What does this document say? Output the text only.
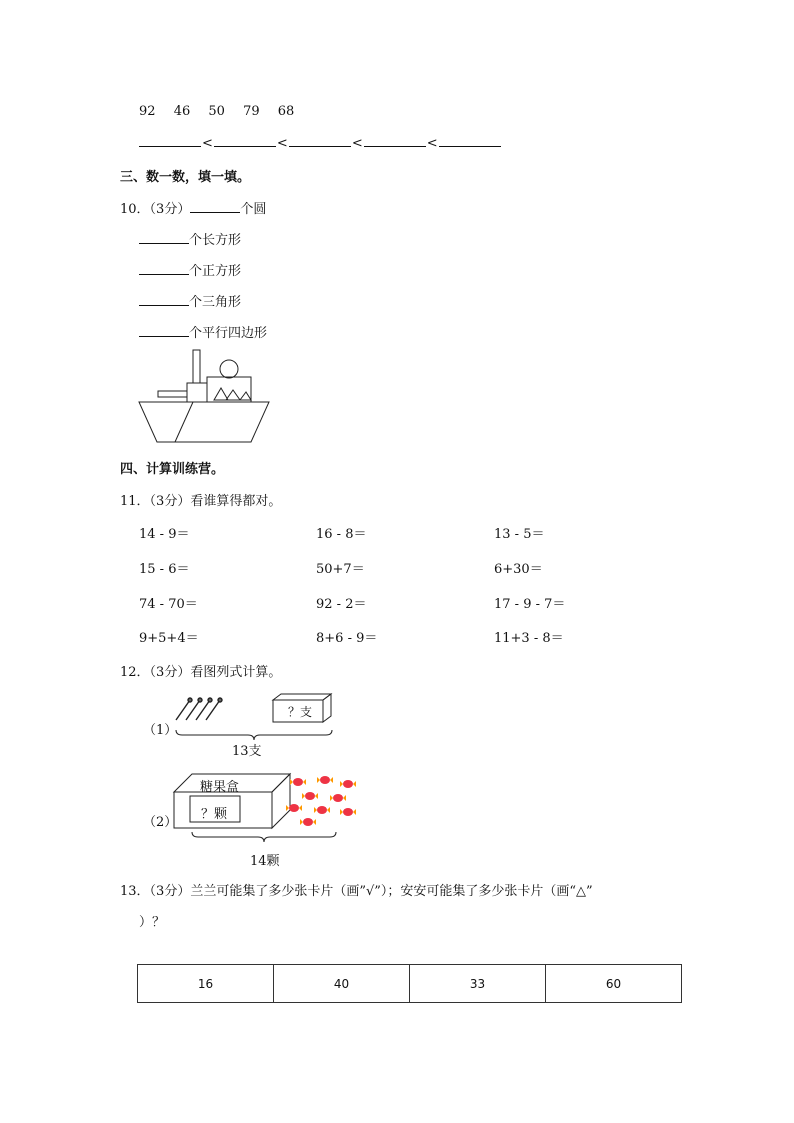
92 46 50 79 68
<	<	<	<
三、数一数，填一填。
10．（3分）	个圆
个长方形
个正方形
个三角形
个平行四边形
四、计算训练营。
11．（3分）看谁算得都对。
14 - 9＝	16 - 8＝	13 - 5＝
15 - 6＝	50+7＝	6+30＝
74 - 70＝	92 - 2＝	17 - 9 - 7＝
9+5+4＝	8+6 - 9＝	11+3 - 8＝
12．（3分）看图列式计算。
（1）
？支
13支
（2）
糖果盒
？颗
14颗
13．（3分）兰兰可能集了多少张卡片（画”√”）；安安可能集了多少张卡片（画“△”
）？
16	40	33	60
